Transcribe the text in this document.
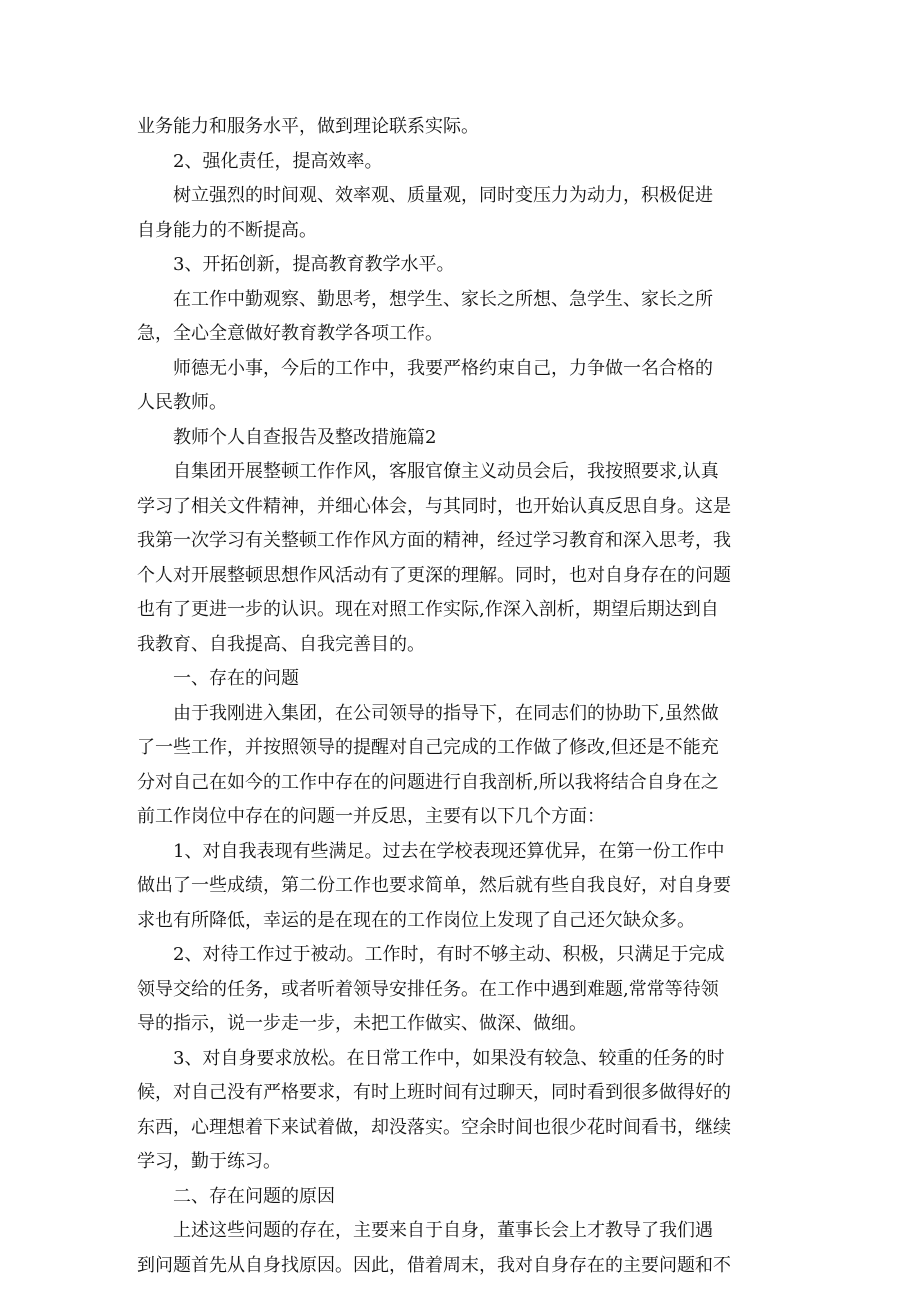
业务能力和服务水平，做到理论联系实际。
2、强化责任，提高效率。
树立强烈的时间观、效率观、质量观，同时变压力为动力，积极促进
自身能力的不断提高。
3、开拓创新，提高教育教学水平。
在工作中勤观察、勤思考，想学生、家长之所想、急学生、家长之所
急，全心全意做好教育教学各项工作。
师德无小事，今后的工作中，我要严格约束自己，力争做一名合格的
人民教师。
教师个人自查报告及整改措施篇2
自集团开展整顿工作作风，客服官僚主义动员会后，我按照要求,认真
学习了相关文件精神，并细心体会，与其同时，也开始认真反思自身。这是
我第一次学习有关整顿工作作风方面的精神，经过学习教育和深入思考，我
个人对开展整顿思想作风活动有了更深的理解。同时，也对自身存在的问题
也有了更进一步的认识。现在对照工作实际,作深入剖析，期望后期达到自
我教育、自我提高、自我完善目的。
一、存在的问题
由于我刚进入集团，在公司领导的指导下，在同志们的协助下,虽然做
了一些工作，并按照领导的提醒对自己完成的工作做了修改,但还是不能充
分对自己在如今的工作中存在的问题进行自我剖析,所以我将结合自身在之
前工作岗位中存在的问题一并反思，主要有以下几个方面：
1、对自我表现有些满足。过去在学校表现还算优异，在第一份工作中
做出了一些成绩，第二份工作也要求简单，然后就有些自我良好，对自身要
求也有所降低，幸运的是在现在的工作岗位上发现了自己还欠缺众多。
2、对待工作过于被动。工作时，有时不够主动、积极，只满足于完成
领导交给的任务，或者听着领导安排任务。在工作中遇到难题,常常等待领
导的指示，说一步走一步，未把工作做实、做深、做细。
3、对自身要求放松。在日常工作中，如果没有较急、较重的任务的时
候，对自己没有严格要求，有时上班时间有过聊天，同时看到很多做得好的
东西，心理想着下来试着做，却没落实。空余时间也很少花时间看书，继续
学习，勤于练习。
二、存在问题的原因
上述这些问题的存在，主要来自于自身，董事长会上才教导了我们遇
到问题首先从自身找原因。因此，借着周末，我对自身存在的主要问题和不
